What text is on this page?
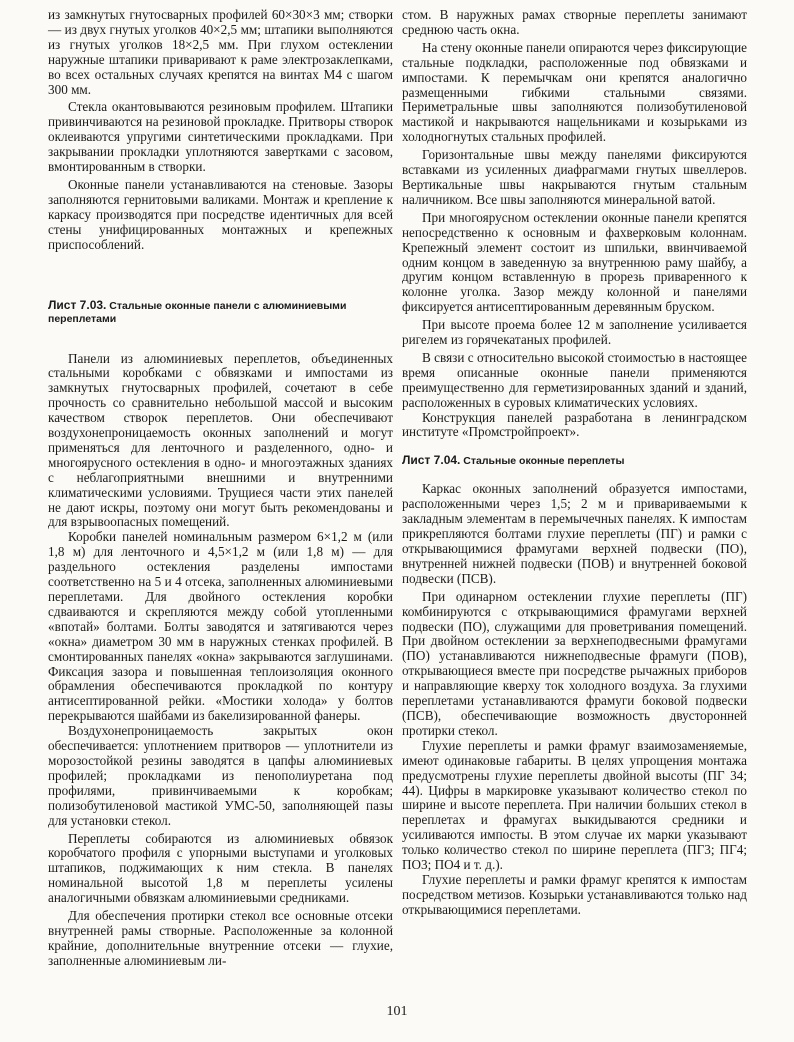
из замкнутых гнутосварных профилей 60×30×3 мм; створки — из двух гнутых уголков 40×2,5 мм; штапики выполняются из гнутых уголков 18×2,5 мм. При глухом остеклении наружные штапики приваривают к раме электрозаклепками, во всех остальных случаях крепятся на винтах М4 с шагом 300 мм.

Стекла окантовываются резиновым профилем. Штапики привинчиваются на резиновой прокладке. Притворы створок оклеиваются упругими синтетическими прокладками. При закрывании прокладки уплотняются завертками с засовом, вмонтированным в створки.

Оконные панели устанавливаются на стеновые. Зазоры заполняются гернитовыми валиками. Монтаж и крепление к каркасу производятся при посредстве идентичных для всей стены унифицированных монтажных и крепежных приспособлений.

Лист 7.03. Стальные оконные панели с алюминиевыми переплетами

Панели из алюминиевых переплетов, объединенных стальными коробками с обвязками и импостами из замкнутых гнутосварных профилей, сочетают в себе прочность со сравнительно небольшой массой и высоким качеством створок переплетов. Они обеспечивают воздухонепроницаемость оконных заполнений и могут применяться для ленточного и разделенного, одно- и многоярусного остекления в одно- и многоэтажных зданиях с неблагоприятными внешними и внутренними климатическими условиями. Трущиеся части этих панелей не дают искры, поэтому они могут быть рекомендованы и для взрывоопасных помещений.

Коробки панелей номинальным размером 6×1,2 м (или 1,8 м) для ленточного и 4,5×1,2 м (или 1,8 м) — для раздельного остекления разделены импостами соответственно на 5 и 4 отсека, заполненных алюминиевыми переплетами. Для двойного остекления коробки сдваиваются и скрепляются между собой утопленными «впотай» болтами. Болты заводятся и затягиваются через «окна» диаметром 30 мм в наружных стенках профилей. В смонтированных панелях «окна» закрываются заглушинами. Фиксация зазора и повышенная теплоизоляция оконного обрамления обеспечиваются прокладкой по контуру антисептированной рейки. «Мостики холода» у болтов перекрываются шайбами из бакелизированной фанеры.

Воздухонепроницаемость закрытых окон обеспечивается: уплотнением притворов — уплотнители из морозостойкой резины заводятся в цапфы алюминиевых профилей; прокладками из пенополиуретана под профилями, привинчиваемыми к коробкам; полизобутиленовой мастикой УМС-50, заполняющей пазы для установки стекол.

Переплеты собираются из алюминиевых обвязок коробчатого профиля с упорными выступами и уголковых штапиков, поджимающих к ним стекла. В панелях номинальной высотой 1,8 м переплеты усилены аналогичными обвязкам алюминиевыми средниками.

Для обеспечения протирки стекол все основные отсеки внутренней рамы створные. Расположенные за колонной крайние, дополнительные внутренние отсеки — глухие, заполненные алюминиевым ли-

стом. В наружных рамах створные переплеты занимают среднюю часть окна.

На стену оконные панели опираются через фиксирующие стальные подкладки, расположенные под обвязками и импостами. К перемычкам они крепятся аналогично размещенными гибкими стальными связями. Периметральные швы заполняются полизобутиленовой мастикой и накрываются нащельниками и козырьками из холодногнутых стальных профилей.

Горизонтальные швы между панелями фиксируются вставками из усиленных диафрагмами гнутых швеллеров. Вертикальные швы накрываются гнутым стальным наличником. Все швы заполняются минеральной ватой.

При многоярусном остеклении оконные панели крепятся непосредственно к основным и фахверковым колоннам. Крепежный элемент состоит из шпильки, ввинчиваемой одним концом в заведенную за внутреннюю раму шайбу, а другим концом вставленную в прорезь приваренного к колонне уголка. Зазор между колонной и панелями фиксируется антисептированным деревянным бруском.

При высоте проема более 12 м заполнение усиливается ригелем из горячекатаных профилей.

В связи с относительно высокой стоимостью в настоящее время описанные оконные панели применяются преимущественно для герметизированных зданий и зданий, расположенных в суровых климатических условиях.

Конструкция панелей разработана в ленинградском институте «Промстройпроект».

Лист 7.04. Стальные оконные переплеты

Каркас оконных заполнений образуется импостами, расположенными через 1,5; 2 м и привариваемыми к закладным элементам в перемычечных панелях. К импостам прикрепляются болтами глухие переплеты (ПГ) и рамки с открывающимися фрамугами верхней подвески (ПО), внутренней нижней подвески (ПОВ) и внутренней боковой подвески (ПСВ).

При одинарном остеклении глухие переплеты (ПГ) комбинируются с открывающимися фрамугами верхней подвески (ПО), служащими для проветривания помещений. При двойном остеклении за верхнеподвесными фрамугами (ПО) устанавливаются нижнеподвесные фрамуги (ПОВ), открывающиеся вместе при посредстве рычажных приборов и направляющие кверху ток холодного воздуха. За глухими переплетами устанавливаются фрамуги боковой подвески (ПСВ), обеспечивающие возможность двусторонней протирки стекол.

Глухие переплеты и рамки фрамуг взаимозаменяемые, имеют одинаковые габариты. В целях упрощения монтажа предусмотрены глухие переплеты двойной высоты (ПГ 34; 44). Цифры в маркировке указывают количество стекол по ширине и высоте переплета. При наличии больших стекол в переплетах и фрамугах выкидываются средники и усиливаются импосты. В этом случае их марки указывают только количество стекол по ширине переплета (ПГ3; ПГ4; ПО3; ПО4 и т. д.).

Глухие переплеты и рамки фрамуг крепятся к импостам посредством метизов. Козырьки устанавливаются только над открывающимися переплетами.

101
